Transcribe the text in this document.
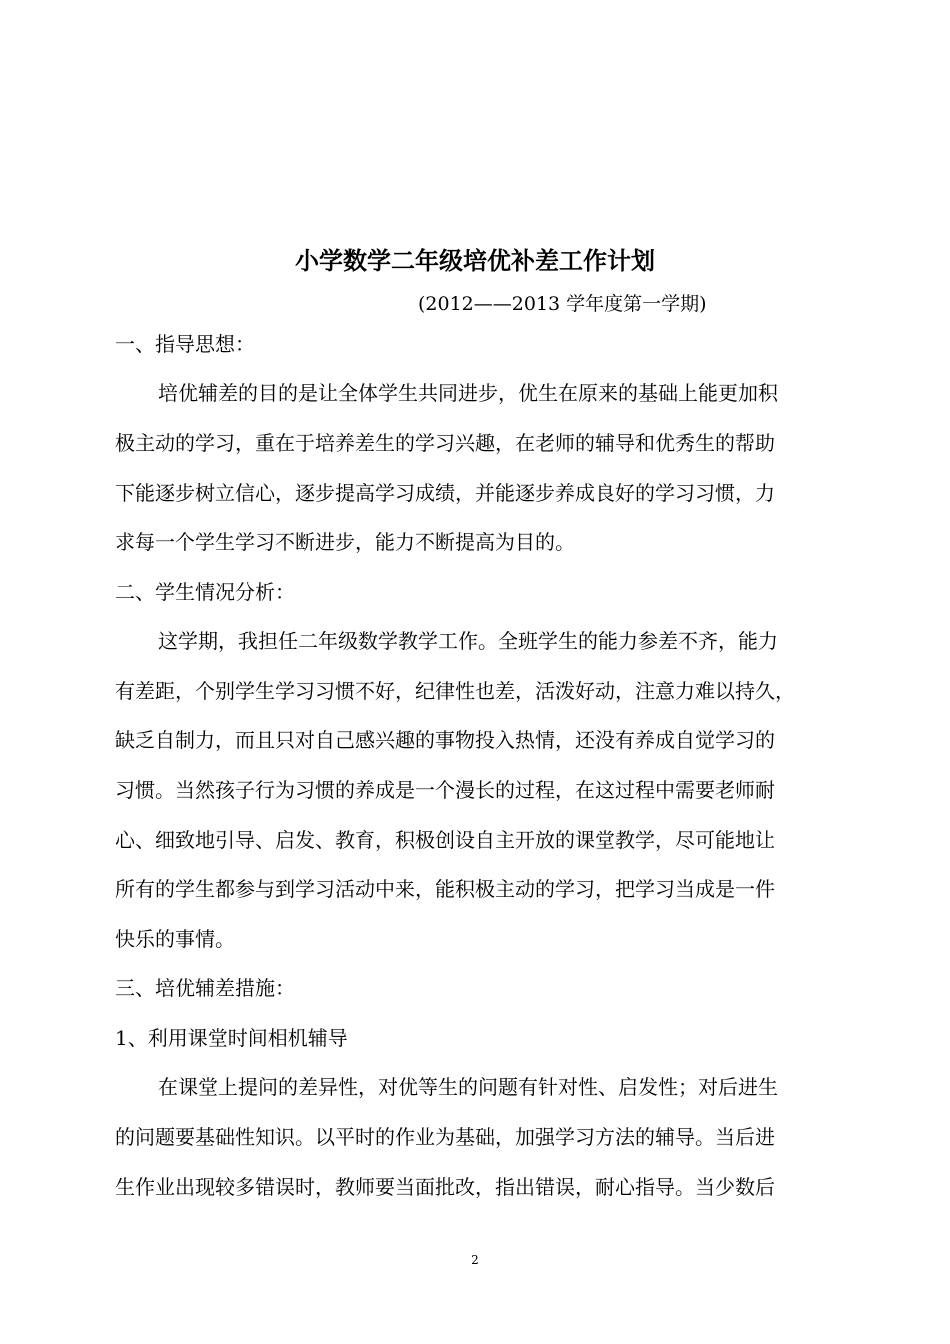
小学数学二年级培优补差工作计划
(2012——2013 学年度第一学期)
一、指导思想：
培优辅差的目的是让全体学生共同进步，优生在原来的基础上能更加积
极主动的学习，重在于培养差生的学习兴趣，在老师的辅导和优秀生的帮助
下能逐步树立信心，逐步提高学习成绩，并能逐步养成良好的学习习惯，力
求每一个学生学习不断进步，能力不断提高为目的。
二、学生情况分析：
这学期，我担任二年级数学教学工作。全班学生的能力参差不齐，能力
有差距，个别学生学习习惯不好，纪律性也差，活泼好动，注意力难以持久，
缺乏自制力，而且只对自己感兴趣的事物投入热情，还没有养成自觉学习的
习惯。当然孩子行为习惯的养成是一个漫长的过程，在这过程中需要老师耐
心、细致地引导、启发、教育，积极创设自主开放的课堂教学，尽可能地让
所有的学生都参与到学习活动中来，能积极主动的学习，把学习当成是一件
快乐的事情。
三、培优辅差措施：
1、利用课堂时间相机辅导
在课堂上提问的差异性，对优等生的问题有针对性、启发性；对后进生
的问题要基础性知识。以平时的作业为基础，加强学习方法的辅导。当后进
生作业出现较多错误时，教师要当面批改，指出错误，耐心指导。当少数后
2
